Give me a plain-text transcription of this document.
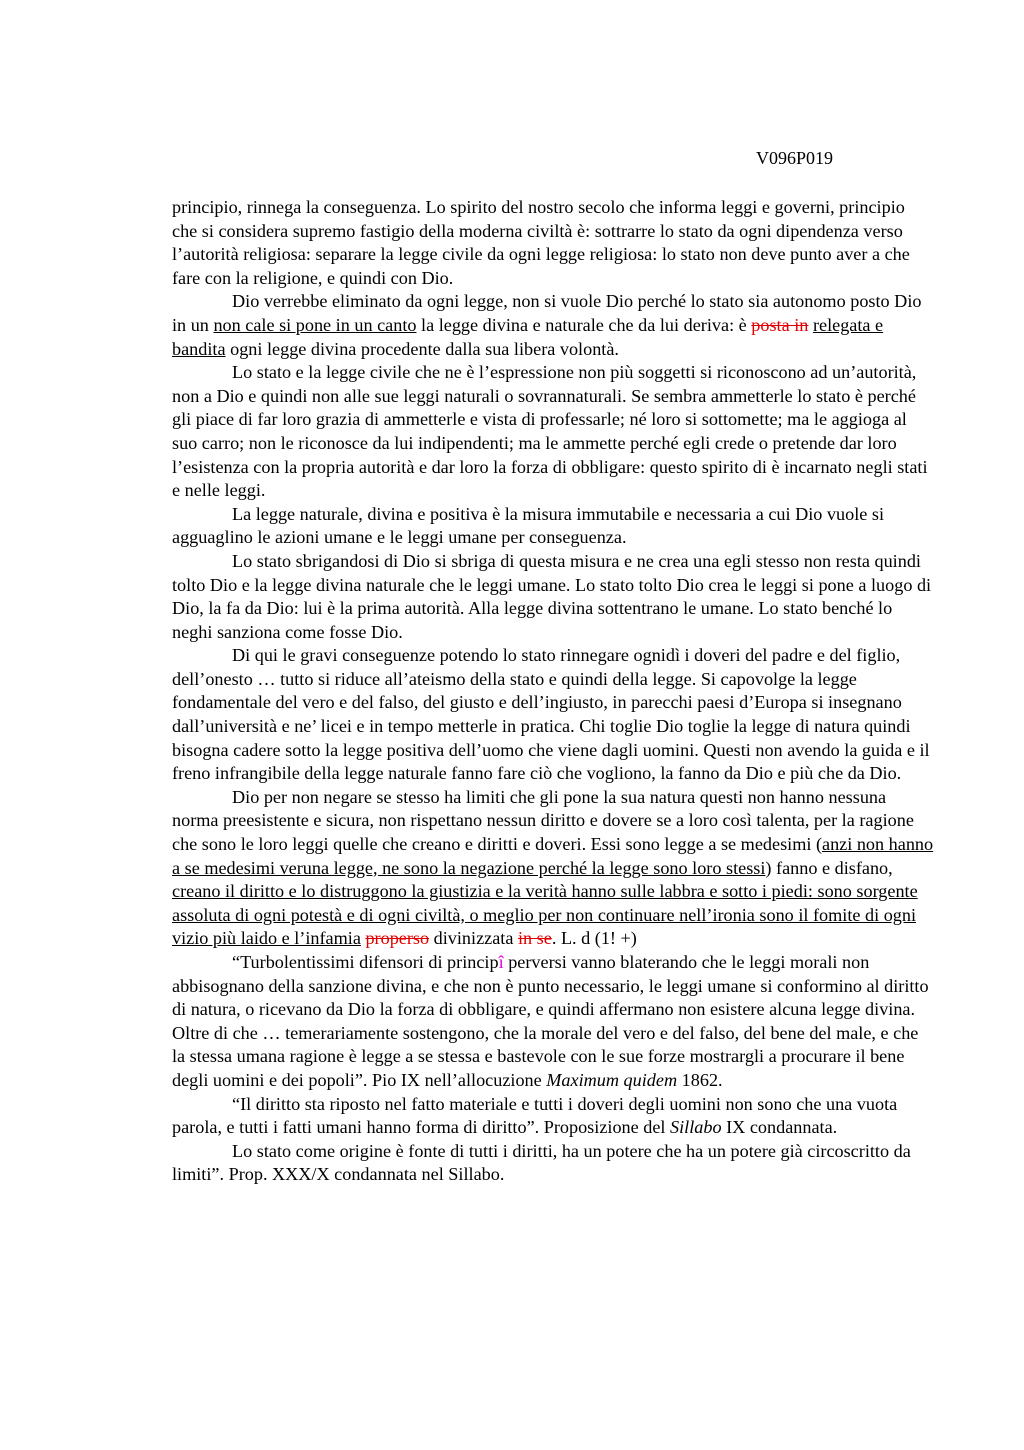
V096P019

principio, rinnega la conseguenza. Lo spirito del nostro secolo che informa leggi e governi, principio che si considera supremo fastigio della moderna civiltà è: sottrarre lo stato da ogni dipendenza verso l’autorità religiosa: separare la legge civile da ogni legge religiosa: lo stato non deve punto aver a che fare con la religione, e quindi con Dio.

Dio verrebbe eliminato da ogni legge, non si vuole Dio perché lo stato sia autonomo posto Dio in un non cale si pone in un canto la legge divina e naturale che da lui deriva: è posta in relegata e bandita ogni legge divina procedente dalla sua libera volontà.

Lo stato e la legge civile che ne è l’espressione non più soggetti si riconoscono ad un’autorità, non a Dio e quindi non alle sue leggi naturali o sovrannaturali. Se sembra ammetterle lo stato è perché gli piace di far loro grazia di ammetterle e vista di professarle; né loro si sottomette; ma le aggioga al suo carro; non le riconosce da lui indipendenti; ma le ammette perché egli crede o pretende dar loro l’esistenza con la propria autorità e dar loro la forza di obbligare: questo spirito di è incarnato negli stati e nelle leggi.

La legge naturale, divina e positiva è la misura immutabile e necessaria a cui Dio vuole si agguaglino le azioni umane e le leggi umane per conseguenza.

Lo stato sbrigandosi di Dio si sbriga di questa misura e ne crea una egli stesso non resta quindi tolto Dio e la legge divina naturale che le leggi umane. Lo stato tolto Dio crea le leggi si pone a luogo di Dio, la fa da Dio: lui è la prima autorità. Alla legge divina sottentrano le umane. Lo stato benché lo neghi sanziona come fosse Dio.

Di qui le gravi conseguenze potendo lo stato rinnegare ognidì i doveri del padre e del figlio, dell’onesto … tutto si riduce all’ateismo della stato e quindi della legge. Si capovolge la legge fondamentale del vero e del falso, del giusto e dell’ingiusto, in parecchi paesi d’Europa si insegnano dall’università e ne’ licei e in tempo metterle in pratica. Chi toglie Dio toglie la legge di natura quindi bisogna cadere sotto la legge positiva dell’uomo che viene dagli uomini. Questi non avendo la guida e il freno infrangibile della legge naturale fanno fare ciò che vogliono, la fanno da Dio e più che da Dio.

Dio per non negare se stesso ha limiti che gli pone la sua natura questi non hanno nessuna norma preesistente e sicura, non rispettano nessun diritto e dovere se a loro così talenta, per la ragione che sono le loro leggi quelle che creano e diritti e doveri. Essi sono legge a se medesimi (anzi non hanno a se medesimi veruna legge, ne sono la negazione perché la legge sono loro stessi) fanno e disfano, creano il diritto e lo distruggono la giustizia e la verità hanno sulle labbra e sotto i piedi: sono sorgente assoluta di ogni potestà e di ogni civiltà, o meglio per non continuare nell’ironia sono il fomite di ogni vizio più laido e l’infamia properso divinizzata in se. L. d (1! +)

“Turbolentissimi difensori di principî perversi vanno blaterando che le leggi morali non abbisognano della sanzione divina, e che non è punto necessario, le leggi umane si conformino al diritto di natura, o ricevano da Dio la forza di obbligare, e quindi affermano non esistere alcuna legge divina. Oltre di che … temerariamente sostengono, che la morale del vero e del falso, del bene del male, e che la stessa umana ragione è legge a se stessa e bastevole con le sue forze mostrargli a procurare il bene degli uomini e dei popoli”. Pio IX nell’allocuzione Maximum quidem 1862.

“Il diritto sta riposto nel fatto materiale e tutti i doveri degli uomini non sono che una vuota parola, e tutti i fatti umani hanno forma di diritto”. Proposizione del Sillabo IX condannata.

Lo stato come origine è fonte di tutti i diritti, ha un potere che ha un potere già circoscritto da limiti”. Prop. XXX/X condannata nel Sillabo.
